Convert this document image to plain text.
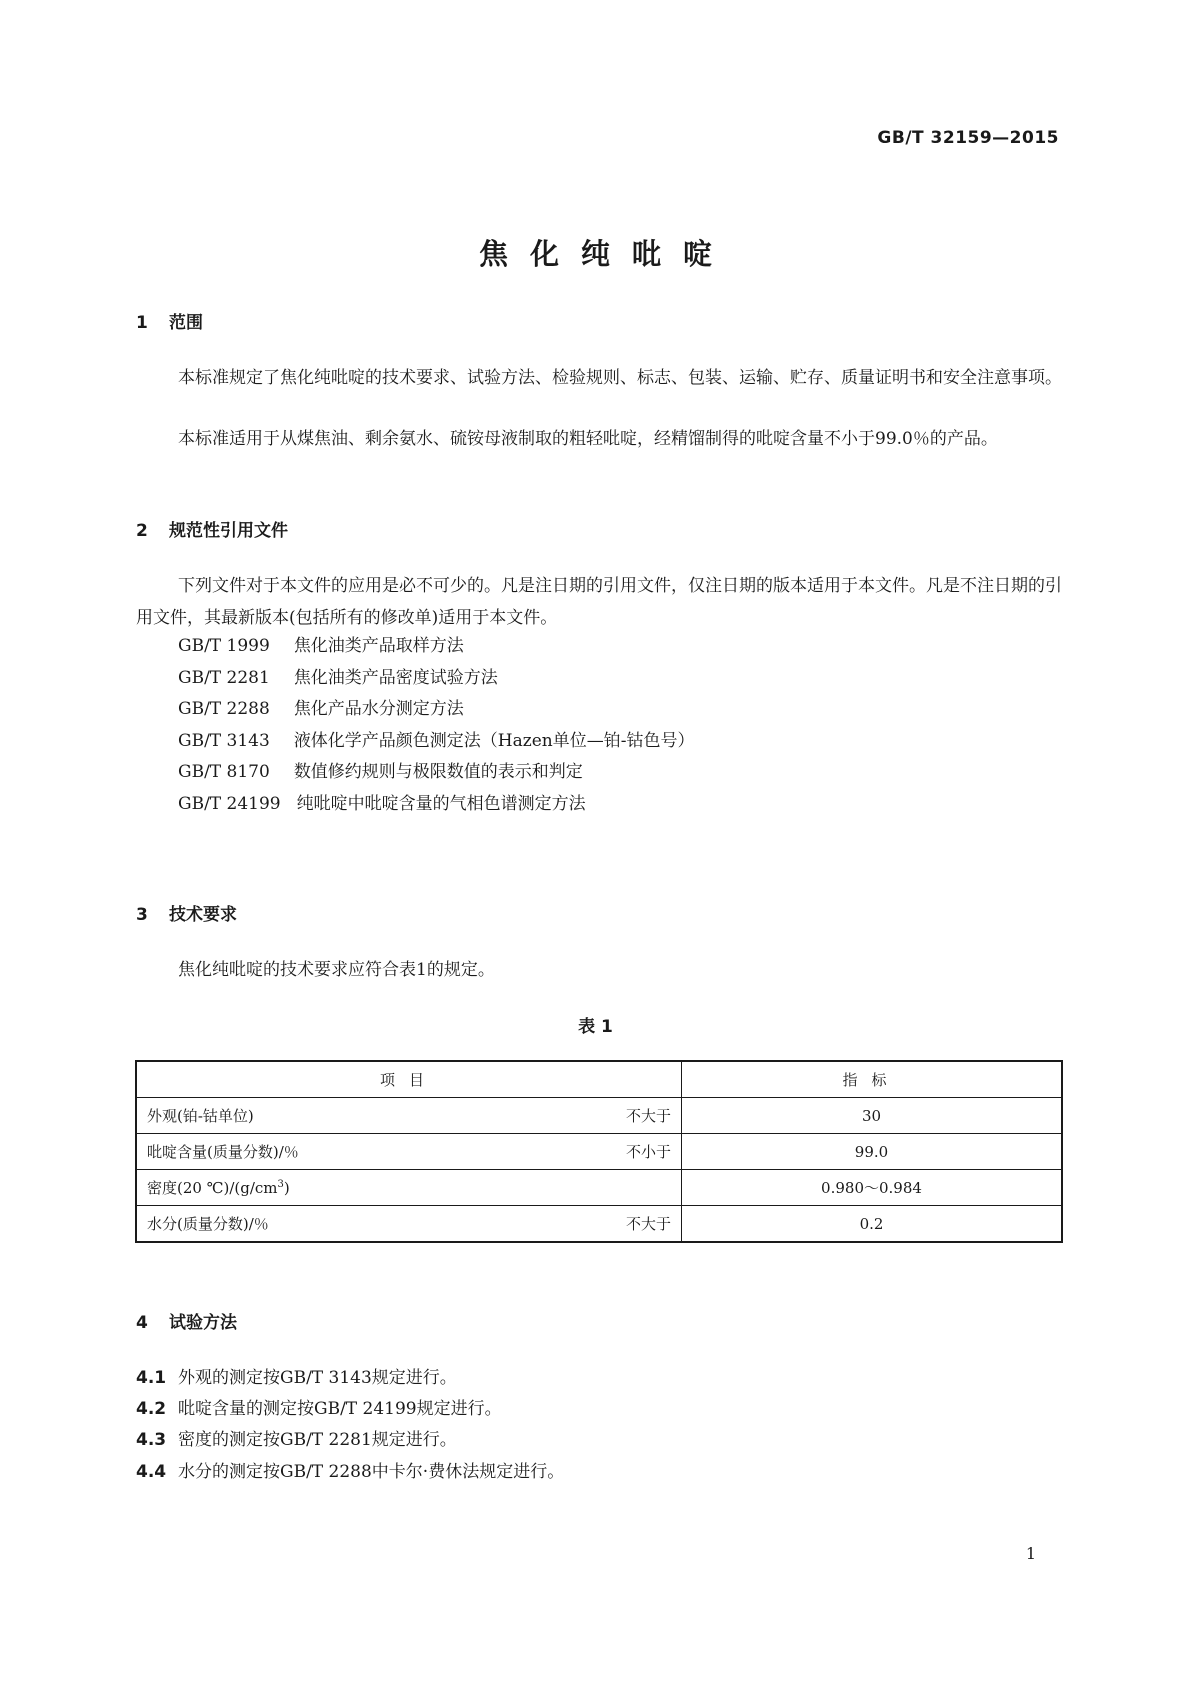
GB/T 32159—2015
焦化纯吡啶
1 范围
本标准规定了焦化纯吡啶的技术要求、试验方法、检验规则、标志、包装、运输、贮存、质量证明书和安全注意事项。
本标准适用于从煤焦油、剩余氨水、硫铵母液制取的粗轻吡啶，经精馏制得的吡啶含量不小于99.0％的产品。
2 规范性引用文件
下列文件对于本文件的应用是必不可少的。凡是注日期的引用文件，仅注日期的版本适用于本文件。凡是不注日期的引用文件，其最新版本(包括所有的修改单)适用于本文件。
GB/T 1999 焦化油类产品取样方法
GB/T 2281 焦化油类产品密度试验方法
GB/T 2288 焦化产品水分测定方法
GB/T 3143 液体化学产品颜色测定法（Hazen单位—铂-钴色号）
GB/T 8170 数值修约规则与极限数值的表示和判定
GB/T 24199 纯吡啶中吡啶含量的气相色谱测定方法
3 技术要求
焦化纯吡啶的技术要求应符合表1的规定。
表 1
项目	指标

外观(铂-钴单位) 不大于	30

吡啶含量(质量分数)/％ 不小于	99.0

密度(20 $℃)/(g/cm^3)$	0.980～0.984

水分(质量分数)/％ 不大于	0.2
4 试验方法
4.1 外观的测定按GB/T 3143规定进行。
4.2 吡啶含量的测定按GB/T 24199规定进行。
4.3 密度的测定按GB/T 2281规定进行。
4.4 水分的测定按GB/T 2288中卡尔·费休法规定进行。
1
